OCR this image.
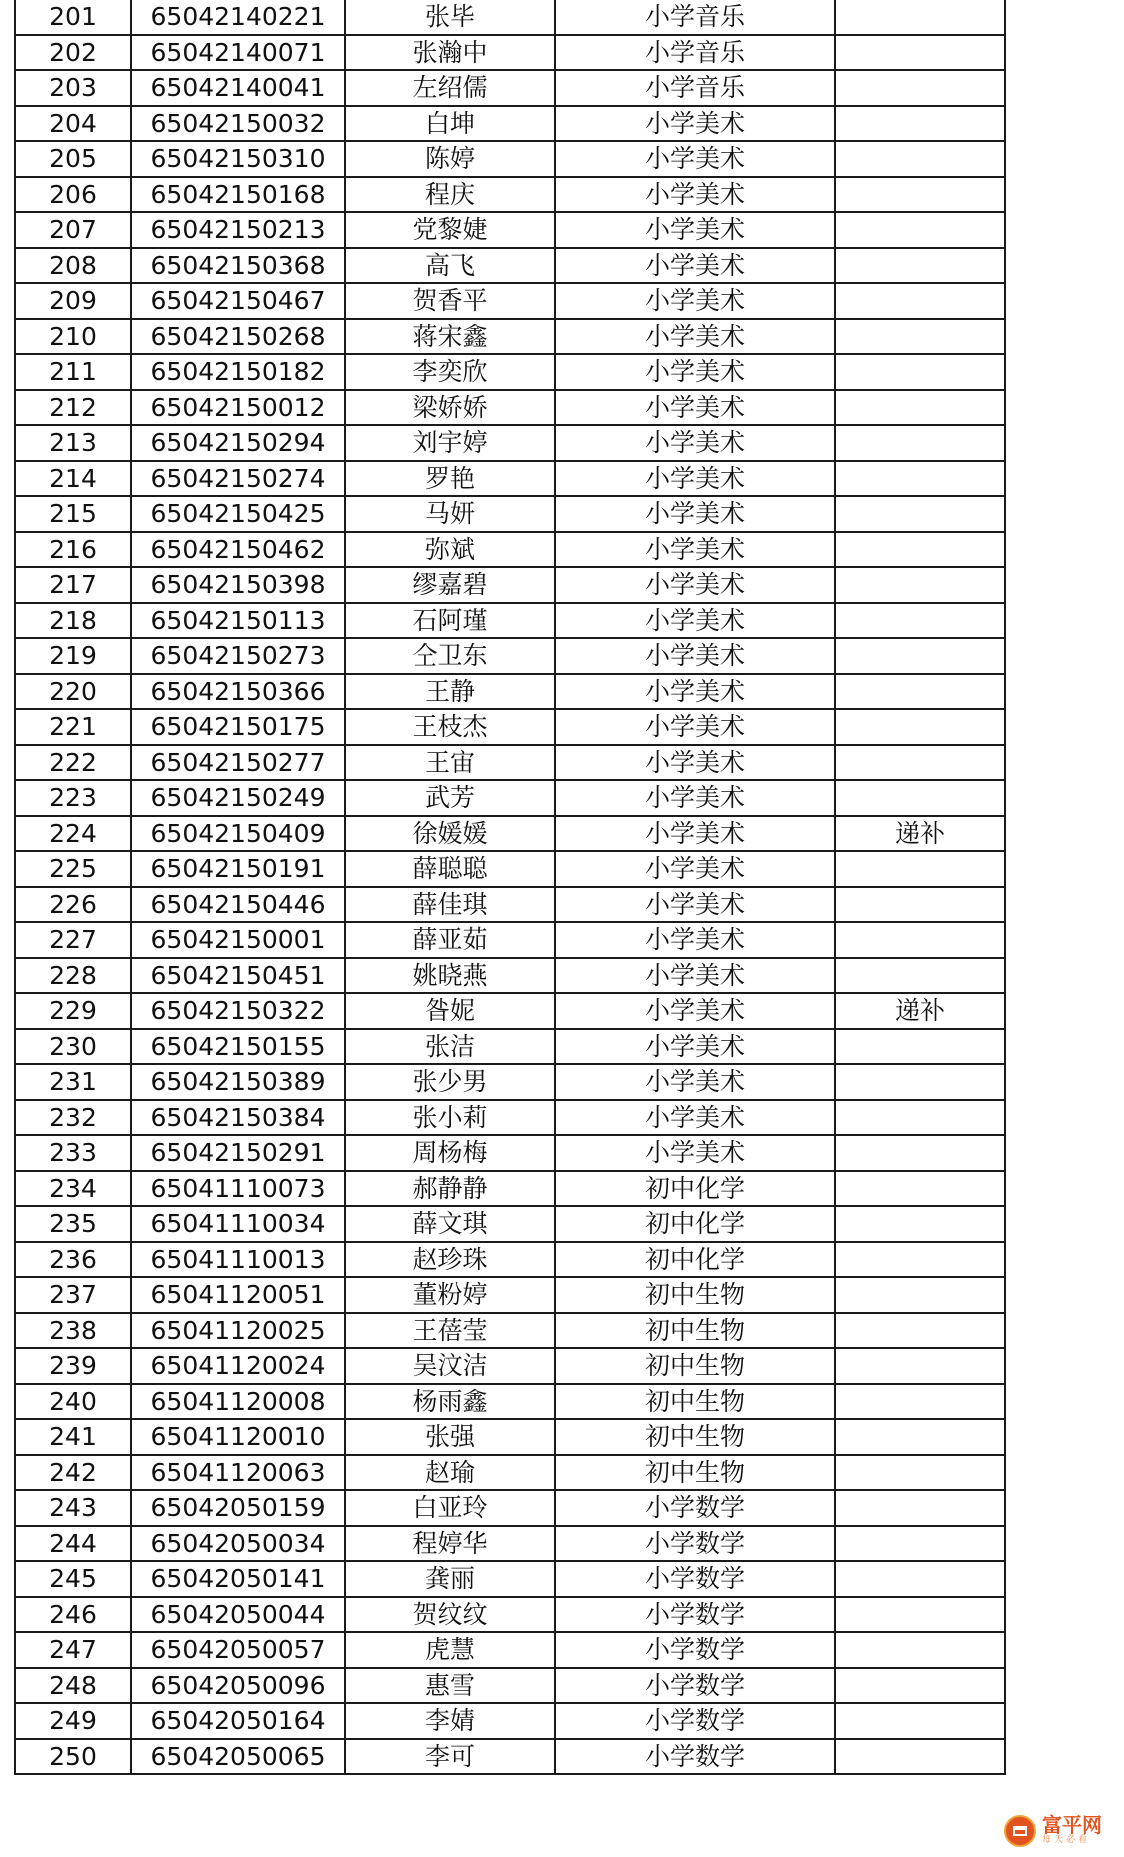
201	65042140221	张毕	小学音乐	
202	65042140071	张瀚中	小学音乐	
203	65042140041	左绍儒	小学音乐	
204	65042150032	白坤	小学美术	
205	65042150310	陈婷	小学美术	
206	65042150168	程庆	小学美术	
207	65042150213	党黎婕	小学美术	
208	65042150368	高飞	小学美术	
209	65042150467	贺香平	小学美术	
210	65042150268	蒋宋鑫	小学美术	
211	65042150182	李奕欣	小学美术	
212	65042150012	梁娇娇	小学美术	
213	65042150294	刘宇婷	小学美术	
214	65042150274	罗艳	小学美术	
215	65042150425	马妍	小学美术	
216	65042150462	弥斌	小学美术	
217	65042150398	缪嘉碧	小学美术	
218	65042150113	石阿瑾	小学美术	
219	65042150273	仝卫东	小学美术	
220	65042150366	王静	小学美术	
221	65042150175	王枝杰	小学美术	
222	65042150277	王宙	小学美术	
223	65042150249	武芳	小学美术	
224	65042150409	徐媛媛	小学美术	递补
225	65042150191	薛聪聪	小学美术	
226	65042150446	薛佳琪	小学美术	
227	65042150001	薛亚茹	小学美术	
228	65042150451	姚晓燕	小学美术	
229	65042150322	昝妮	小学美术	递补
230	65042150155	张洁	小学美术	
231	65042150389	张少男	小学美术	
232	65042150384	张小莉	小学美术	
233	65042150291	周杨梅	小学美术	
234	65041110073	郝静静	初中化学	
235	65041110034	薛文琪	初中化学	
236	65041110013	赵珍珠	初中化学	
237	65041120051	董粉婷	初中生物	
238	65041120025	王蓓莹	初中生物	
239	65041120024	吴汶洁	初中生物	
240	65041120008	杨雨鑫	初中生物	
241	65041120010	张强	初中生物	
242	65041120063	赵瑜	初中生物	
243	65042050159	白亚玲	小学数学	
244	65042050034	程婷华	小学数学	
245	65042050141	龚丽	小学数学	
246	65042050044	贺纹纹	小学数学	
247	65042050057	虎慧	小学数学	
248	65042050096	惠雪	小学数学	
249	65042050164	李婧	小学数学	
250	65042050065	李可	小学数学	
富平网
每天必看
